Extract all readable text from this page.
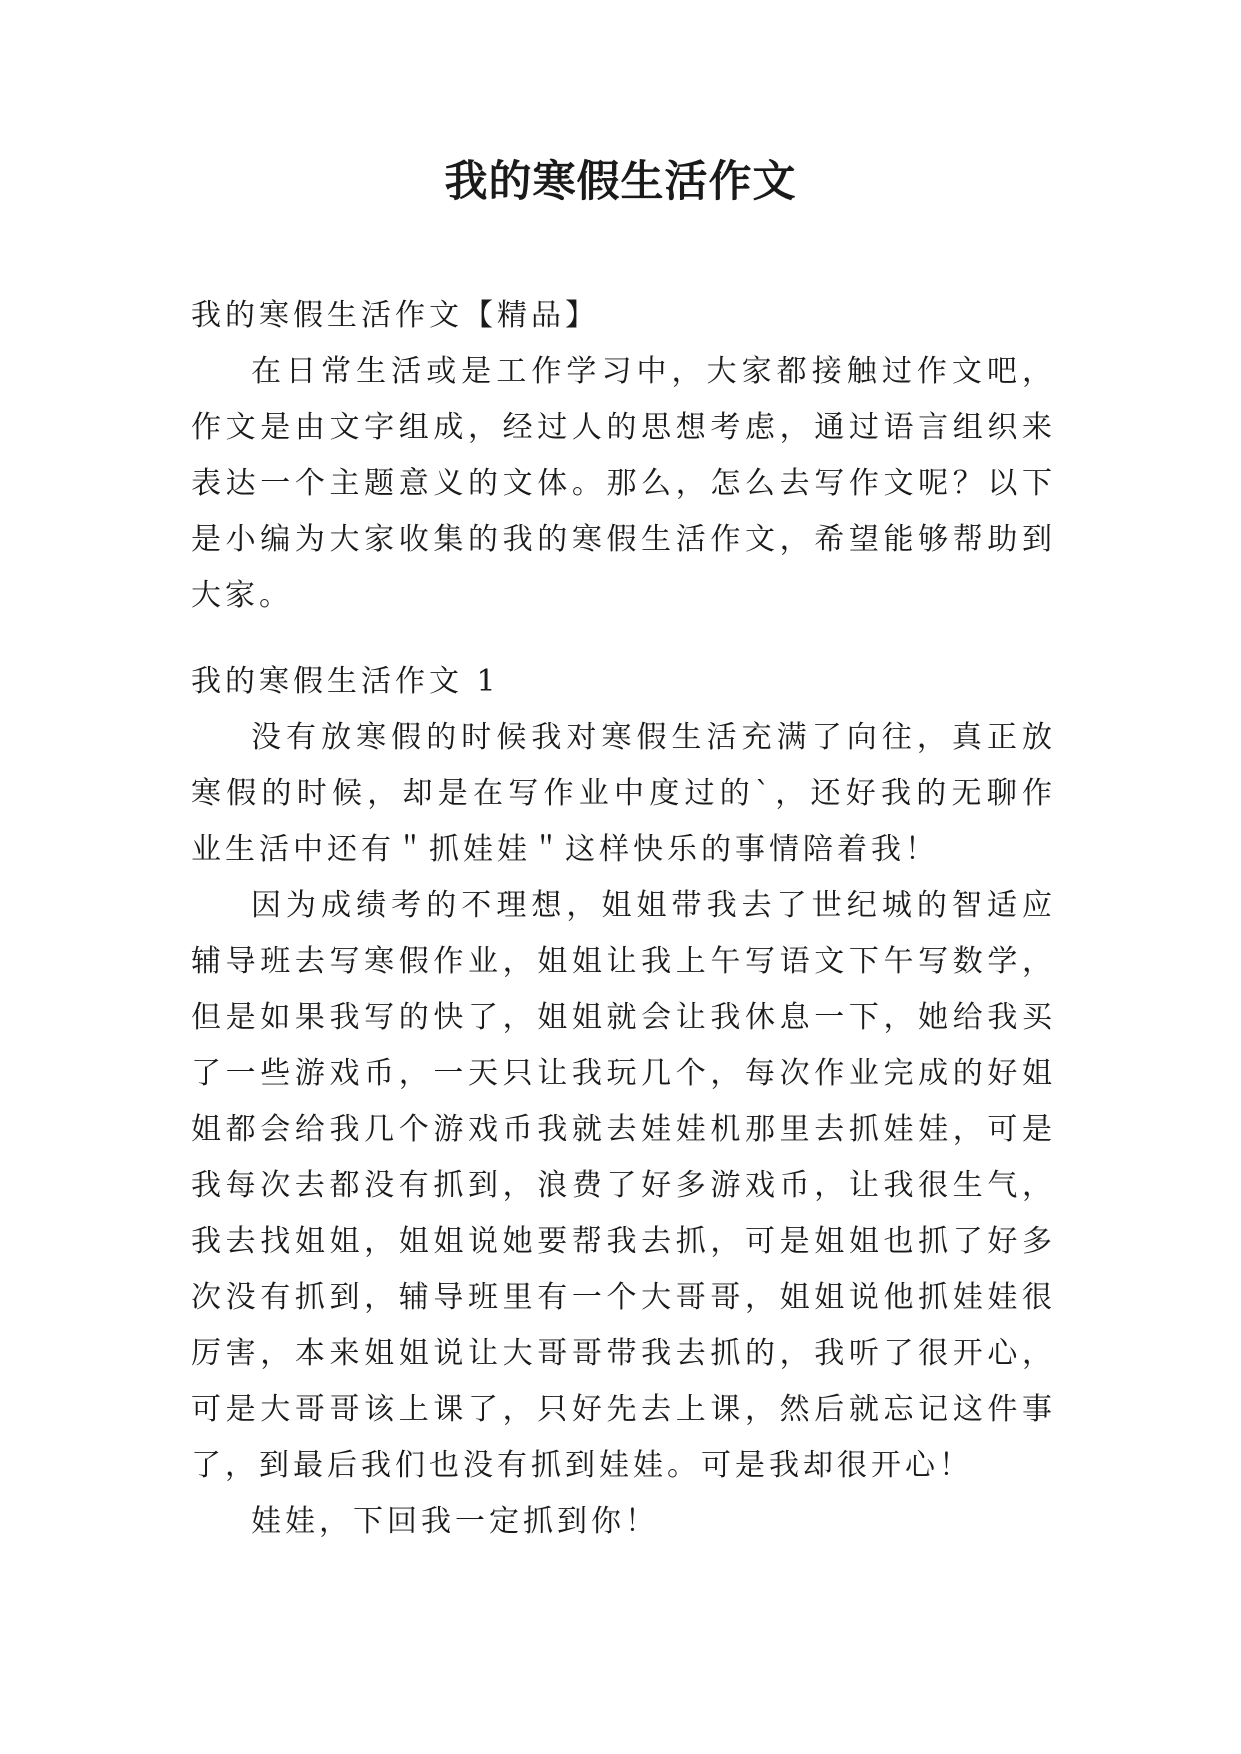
我的寒假生活作文

我的寒假生活作文【精品】

在日常生活或是工作学习中，大家都接触过作文吧，作文是由文字组成，经过人的思想考虑，通过语言组织来表达一个主题意义的文体。那么，怎么去写作文呢？以下是小编为大家收集的我的寒假生活作文，希望能够帮助到大家。

我的寒假生活作文 1

没有放寒假的时候我对寒假生活充满了向往，真正放寒假的时候，却是在写作业中度过的`，还好我的无聊作业生活中还有＂抓娃娃＂这样快乐的事情陪着我！

因为成绩考的不理想，姐姐带我去了世纪城的智适应辅导班去写寒假作业，姐姐让我上午写语文下午写数学，但是如果我写的快了，姐姐就会让我休息一下，她给我买了一些游戏币，一天只让我玩几个，每次作业完成的好姐姐都会给我几个游戏币我就去娃娃机那里去抓娃娃，可是我每次去都没有抓到，浪费了好多游戏币，让我很生气，我去找姐姐，姐姐说她要帮我去抓，可是姐姐也抓了好多次没有抓到，辅导班里有一个大哥哥，姐姐说他抓娃娃很厉害，本来姐姐说让大哥哥带我去抓的，我听了很开心，可是大哥哥该上课了，只好先去上课，然后就忘记这件事了，到最后我们也没有抓到娃娃。可是我却很开心！

娃娃，下回我一定抓到你！
